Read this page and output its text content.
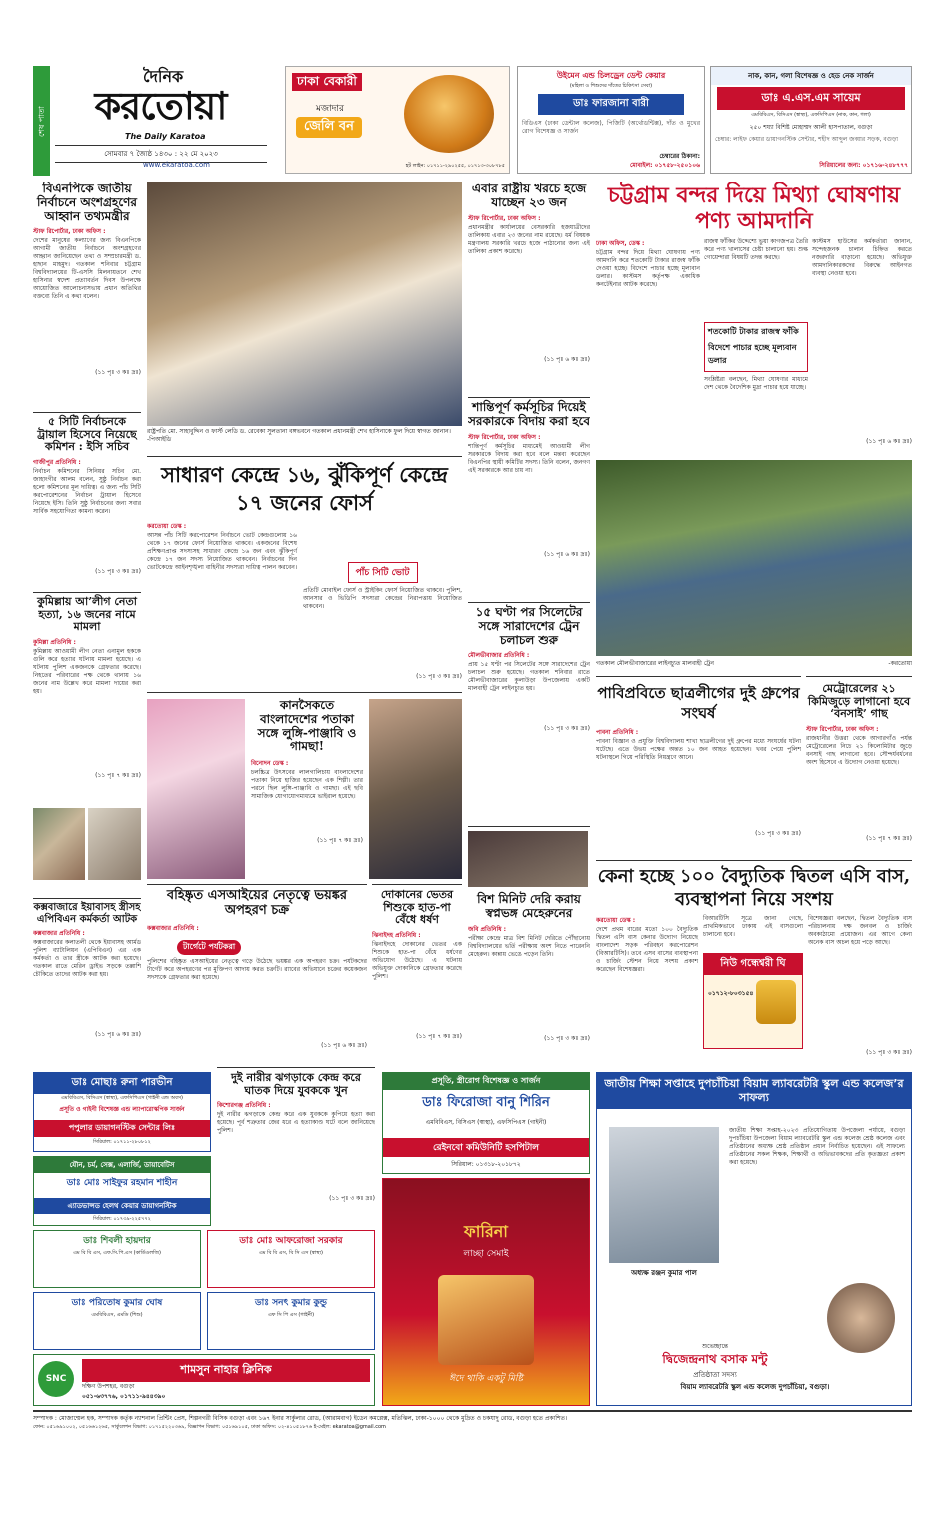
শেষ পাতা
দৈনিক
করতোয়া
The Daily Karatoa
সোমবার ৭ জ্যৈষ্ঠ ১৪৩০ : ২২ মে ২০২৩
www.ekaratoa.com
ঢাকা বেকারী
মজাদার
জেলি বন
হট লাইন: ০১৭১১-২৯০২৫৫, ০১৭১৩-৩০৮৭৮৫
উইমেন এন্ড চিলড্রেন ডেন্ট কেয়ার
(মহিলা ও শিশুদের দাঁতের চিকিৎসা সেবা)
ডাঃ ফারজানা বারী
বিডিএস (ঢাকা ডেন্টাল কলেজ), পিজিটি (অর্থোডন্টিক্স), দাঁত ও মুখের রোগ বিশেষজ্ঞ ও সার্জন
চেম্বারের ঠিকানা:
মোবাইল: ০১৭৫৮-২৫০১০৬
নাক, কান, গলা বিশেষজ্ঞ ও হেড নেক সার্জন
ডাঃ এ.এস.এম সায়েম
এমবিবিএস, বিসিএস (স্বাস্থ্য), এফসিপিএস (নাক, কান, গলা)
২৫০ শয্যা বিশিষ্ট মোহাম্মদ আলী হাসপাতাল, বগুড়া
চেম্বার: লাইফ কেয়ার ডায়াগনস্টিক সেন্টার, শহীদ আব্দুল জব্বার সড়ক, বগুড়া
সিরিয়ালের জন্য: ০১৭১৬-২৪৮৭৭৭
বিএনপিকে জাতীয় নির্বাচনে অংশগ্রহণের আহ্বান তথ্যমন্ত্রীর
স্টাফ রিপোর্টার, ঢাকা অফিস :
দেশের মানুষের কল্যাণের জন্য বিএনপিকে আগামী জাতীয় নির্বাচনে অংশগ্রহণের আহ্বান জানিয়েছেন তথ্য ও সম্প্রচারমন্ত্রী ড. হাছান মাহমুদ। গতকাল শনিবার চট্টগ্রাম বিশ্ববিদ্যালয়ের টি-এসসি মিলনায়তনে শেখ হাসিনার স্বদেশ প্রত্যাবর্তন দিবস উপলক্ষে আয়োজিত আলোচনাসভায় প্রধান অতিথির বক্তব্যে তিনি এ কথা বলেন।
(১১ পৃঃ ৩ কঃ দ্রঃ)
৫ সিটি নির্বাচনকে ট্রায়াল হিসেবে নিয়েছে কমিশন : ইসি সচিব
গাজীপুর প্রতিনিধি :
নির্বাচন কমিশনের সিনিয়র সচিব মো. জাহাংগীর আলম বলেন, সুষ্ঠু নির্বাচন করা হলো কমিশনের মূল দায়িত্ব। এ জন্য পাঁচ সিটি করপোরেশনের নির্বাচন ট্রায়াল হিসেবে নিয়েছে ইসি। তিনি সুষ্ঠু নির্বাচনের জন্য সবার সার্বিক সহযোগিতা কামনা করেন।
(১১ পৃঃ ৩ কঃ দ্রঃ)
কুমিল্লায় আ’লীগ নেতা হত্যা, ১৬ জনের নামে মামলা
কুমিল্লা প্রতিনিধি :
কুমিল্লায় আওয়ামী লীগ নেতা এনামুল হককে গুলি করে হত্যার ঘটনায় মামলা হয়েছে। এ ঘটনায় পুলিশ একজনকে গ্রেফতার করেছে। নিহতের পরিবারের পক্ষ থেকে থানায় ১৬ জনের নাম উল্লেখ করে মামলা দায়ের করা হয়।
(১১ পৃঃ ৭ কঃ দ্রঃ)
কক্সবাজারে ইয়াবাসহ স্ত্রীসহ এপিবিএন কর্মকর্তা আটক
কক্সবাজার প্রতিনিধি :
কক্সবাজারের কলাতলী থেকে ইয়াবাসহ আর্মড পুলিশ ব্যাটালিয়ন (এপিবিএন) এর এক কর্মকর্তা ও তার স্ত্রীকে আটক করা হয়েছে। গতকাল রাতে মেরিন ড্রাইভ সড়কে তল্লাশি চৌকিতে তাদের আটক করা হয়।
(১১ পৃঃ ৬ কঃ দ্রঃ)
রাষ্ট্রপতি মো. সাহাবুদ্দিন ও ফার্স্ট লেডি ড. রেবেকা সুলতানা বঙ্গভবনে গতকাল প্রধানমন্ত্রী শেখ হাসিনাকে ফুল দিয়ে স্বাগত জানান। -পিআইডি
এবার রাষ্ট্রীয় খরচে হজে যাচ্ছেন ২৩ জন
স্টাফ রিপোর্টার, ঢাকা অফিস :
প্রধানমন্ত্রীর কার্যালয়ের বেসরকারি হজযাত্রীদের তালিকায় এবার ২৩ জনের নাম রয়েছে। ধর্ম বিষয়ক মন্ত্রণালয় সরকারি খরচে হজে পাঠানোর জন্য এই তালিকা প্রকাশ করেছে।
(১১ পৃঃ ৬ কঃ দ্রঃ)
শান্তিপূর্ণ কর্মসূচির দিয়েই সরকারকে বিদায় করা হবে
স্টাফ রিপোর্টার, ঢাকা অফিস :
শান্তিপূর্ণ কর্মসূচির মাধ্যমেই আওয়ামী লীগ সরকারকে বিদায় করা হবে বলে মন্তব্য করেছেন বিএনপির স্থায়ী কমিটির সদস্য। তিনি বলেন, জনগণ এই সরকারকে আর চায় না।
(১১ পৃঃ ৬ কঃ দ্রঃ)
১৫ ঘণ্টা পর সিলেটের সঙ্গে সারাদেশের ট্রেন চলাচল শুরু
মৌলভীবাজার প্রতিনিধি :
প্রায় ১৫ ঘণ্টা পর সিলেটের সঙ্গে সারাদেশের ট্রেন চলাচল শুরু হয়েছে। গতকাল শনিবার রাতে মৌলভীবাজারের কুলাউড়া উপজেলায় একটি মালবাহী ট্রেন লাইনচ্যুত হয়।
(১১ পৃঃ ৩ কঃ দ্রঃ)
চট্টগ্রাম বন্দর দিয়ে মিথ্যা ঘোষণায় পণ্য আমদানি
ঢাকা অফিস, ডেস্ক :
চট্টগ্রাম বন্দর দিয়ে মিথ্যা ঘোষণায় পণ্য আমদানি করে শতকোটি টাকার রাজস্ব ফাঁকি দেওয়া হচ্ছে। বিদেশে পাচার হচ্ছে মূল্যবান ডলার। কাস্টমস কর্তৃপক্ষ একাধিক কনটেইনার আটক করেছে।
রাজস্ব ফাঁকির উদ্দেশ্যে ভুয়া কাগজপত্র তৈরি করে পণ্য খালাসের চেষ্টা চালানো হয়। শুল্ক গোয়েন্দারা বিষয়টি তদন্ত করছে।
শতকোটি টাকার রাজস্ব ফাঁকি
বিদেশে পাচার হচ্ছে মূল্যবান ডলার
সংশ্লিষ্টরা বলছেন, মিথ্যা ঘোষণার মাধ্যমে দেশ থেকে বৈদেশিক মুদ্রা পাচার হয়ে যাচ্ছে।
কাস্টমস হাউসের কর্মকর্তারা জানান, সন্দেহজনক চালান চিহ্নিত করতে নজরদারি বাড়ানো হয়েছে। অভিযুক্ত আমদানিকারকদের বিরুদ্ধে আইনগত ব্যবস্থা নেওয়া হবে।
(১১ পৃঃ ৬ কঃ দ্রঃ)
সাধারণ কেন্দ্রে ১৬, ঝুঁকিপূর্ণ কেন্দ্রে ১৭ জনের ফোর্স
করতোয়া ডেস্ক :
আসন্ন পাঁচ সিটি করপোরেশন নির্বাচনে ভোট কেন্দ্রগুলোয় ১৬ থেকে ১৭ জনের ফোর্স নিয়োজিত থাকবে। একজনের বিশেষ প্রশিক্ষণপ্রাপ্ত সদস্যসহ সাধারণ কেন্দ্রে ১৬ জন এবং ঝুঁকিপূর্ণ কেন্দ্রে ১৭ জন সদস্য নিয়োজিত থাকবেন। নির্বাচনের দিন ভোটকেন্দ্রে আইনশৃঙ্খলা বাহিনীর সদস্যরা দায়িত্ব পালন করবেন।
পাঁচ সিটি ভোট
প্রতিটি মোবাইল ফোর্স ও স্ট্রাইকিং ফোর্স নিয়োজিত থাকবে। পুলিশ, আনসার ও ভিডিপি সদস্যরা কেন্দ্রের নিরাপত্তায় নিয়োজিত থাকবেন।
(১১ পৃঃ ৩ কঃ দ্রঃ)
গতকাল মৌলভীবাজারের লাইনচ্যুত মালবাহী ট্রেন	-করতোয়া
কানসৈকতে বাংলাদেশের পতাকা সঙ্গে লুঙ্গি-পাঞ্জাবি ও গামছা!
বিনোদন ডেস্ক :
চলচ্চিত্র উৎসবের লালগালিচায় বাংলাদেশের পতাকা নিয়ে হাজির হয়েছেন এক শিল্পী। তার পরনে ছিল লুঙ্গি-পাঞ্জাবি ও গামছা। এই ছবি সামাজিক যোগাযোগমাধ্যমে ভাইরাল হয়েছে।
(১১ পৃঃ ৭ কঃ দ্রঃ)
পাবিপ্রবিতে ছাত্রলীগের দুই গ্রুপের সংঘর্ষ
পাবনা প্রতিনিধি :
পাবনা বিজ্ঞান ও প্রযুক্তি বিশ্ববিদ্যালয় শাখা ছাত্রলীগের দুই গ্রুপের মধ্যে সংঘর্ষের ঘটনা ঘটেছে। এতে উভয় পক্ষের অন্তত ১০ জন আহত হয়েছেন। খবর পেয়ে পুলিশ ঘটনাস্থলে গিয়ে পরিস্থিতি নিয়ন্ত্রণে আনে।
(১১ পৃঃ ৩ কঃ দ্রঃ)
মেট্রোরেলের ২১ কিমিজুড়ে লাগানো হবে ‘বনসাই’ গাছ
স্টাফ রিপোর্টার, ঢাকা অফিস :
রাজধানীর উত্তরা থেকে আগারগাঁও পর্যন্ত মেট্রোরেলের নিচে ২১ কিলোমিটার জুড়ে বনসাই গাছ লাগানো হবে। সৌন্দর্যবর্ধনের অংশ হিসেবে এ উদ্যোগ নেওয়া হয়েছে।
(১১ পৃঃ ৭ কঃ দ্রঃ)
বিশ মিনিট দেরি করায় স্বপ্নভঙ্গ মেহেরুনের
জবি প্রতিনিধি :
পরীক্ষা কেন্দ্রে মাত্র বিশ মিনিট দেরিতে পৌঁছানোয় বিশ্ববিদ্যালয়ের ভর্তি পরীক্ষায় অংশ নিতে পারেননি মেহেরুন। কান্নায় ভেঙে পড়েন তিনি।
(১১ পৃঃ ৩ কঃ দ্রঃ)
বহিষ্কৃত এসআইয়ের নেতৃত্বে ভয়ঙ্কর অপহরণ চক্র
কক্সবাজার প্রতিনিধি :
টার্গেটে পর্যটকরা
পুলিশের বহিষ্কৃত এসআইয়ের নেতৃত্বে গড়ে উঠেছে ভয়ঙ্কর এক অপহরণ চক্র। পর্যটকদের টার্গেট করে অপহরণের পর মুক্তিপণ আদায় করত চক্রটি। র‌্যাবের অভিযানে চক্রের কয়েকজন সদস্যকে গ্রেফতার করা হয়েছে।
(১১ পৃঃ ৬ কঃ দ্রঃ)
দোকানের ভেতর শিশুকে হাত-পা বেঁধে ধর্ষণ
ঝিনাইদহ প্রতিনিধি :
ঝিনাইদহে দোকানের ভেতর এক শিশুকে হাত-পা বেঁধে ধর্ষণের অভিযোগ উঠেছে। এ ঘটনায় অভিযুক্ত দোকানিকে গ্রেফতার করেছে পুলিশ।
(১১ পৃঃ ৭ কঃ দ্রঃ)
কেনা হচ্ছে ১০০ বৈদ্যুতিক দ্বিতল এসি বাস, ব্যবস্থাপনা নিয়ে সংশয়
করতোয়া ডেস্ক :
দেশে প্রথম বারের মতো ১০০ বৈদ্যুতিক দ্বিতল এসি বাস কেনার উদ্যোগ নিয়েছে বাংলাদেশ সড়ক পরিবহন করপোরেশন (বিআরটিসি)। তবে এসব বাসের ব্যবস্থাপনা ও চার্জিং স্টেশন নিয়ে সংশয় প্রকাশ করেছেন বিশেষজ্ঞরা।
বিআরটিসি সূত্রে জানা গেছে, প্রাথমিকভাবে ঢাকায় এই বাসগুলো চালানো হবে।
নিউ গন্ধেশ্বরী ঘি
০১৭১২-৮০৩১৫৪
বিশেষজ্ঞরা বলছেন, দ্বিতল বৈদ্যুতিক বাস পরিচালনায় দক্ষ জনবল ও চার্জিং অবকাঠামো প্রয়োজন। এর আগে কেনা অনেক বাস অচল হয়ে পড়ে আছে।
(১১ পৃঃ ৩ কঃ দ্রঃ)
দুই নারীর ঝগড়াকে কেন্দ্র করে ঘাতক দিয়ে যুবককে খুন
কিশোরগঞ্জ প্রতিনিধি :
দুই নারীর ঝগড়াকে কেন্দ্র করে এক যুবককে কুপিয়ে হত্যা করা হয়েছে। পূর্ব শত্রুতার জের ধরে এ হত্যাকাণ্ড ঘটে বলে জানিয়েছে পুলিশ।
(১১ পৃঃ ৩ কঃ দ্রঃ)
ডাঃ মোছাঃ রুনা পারভীন
এমবিবিএস, বিসিএস (স্বাস্থ্য), এফসিপিএস (গাইনী এন্ড অবস)
প্রসূতি ও গাইনী বিশেষজ্ঞ এন্ড ল্যাপারোস্কপিক সার্জন
পপুলার ডায়াগনস্টিক সেন্টার লিঃ
সিরিয়াল: ০১৭১১-২৮০৮১২
যৌন, চর্ম, সেক্স, এলার্জি, ডায়াবেটিস
ডাঃ মোঃ সাইফুর রহমান শাহীন
এ্যাডভান্সড হেলথ কেয়ার ডায়াগনস্টিক
সিরিয়াল: ০১৭৩৯-২২৫৭৭২
ডাঃ শিবলী হায়দার
এম বি বি এস, এফ.সি.পি.এস (কার্ডিওলজি)
ডাঃ মোঃ আফরোজা সরকার
এম বি বি এস, বি সি এস (স্বাস্থ্য)
ডাঃ পরিতোষ কুমার ঘোষ
এমবিবিএস, এমডি (শিশু)
ডাঃ সনৎ কুমার কুন্ডু
এফ সি পি এস (গাইনী)
SNC
শামসুন নাহার ক্লিনিক
দক্ষিণ উপশহর, বগুড়া
০৫১-৬৩৭৭৬, ০১৭১১-৯৪৪৩৯০
প্রসূতি, স্ত্রীরোগ বিশেষজ্ঞ ও সার্জন
ডাঃ ফিরোজা বানু শিরিন
এমবিবিএস, বিসিএস (স্বাস্থ্য), এফসিপিএস (গাইনী)
রেইনবো কমিউনিটি হসপিটাল
সিরিয়াল: ০১৩১৮-২০১৮৭২
ফারিনা
লাচ্ছা সেমাই
ঈদে থাকি একটু মিষ্টি
জাতীয় শিক্ষা সপ্তাহে দুপচাঁচিয়া বিয়াম ল্যাবরেটরি স্কুল এন্ড কলেজ’র সাফল্য
অধ্যক্ষ রঞ্জন কুমার পাল
জাতীয় শিক্ষা সপ্তাহ-২০২৩ প্রতিযোগিতায় উপজেলা পর্যায়ে, বগুড়া দুপচাঁচিয়া উপজেলা বিয়াম ল্যাবরেটরি স্কুল এন্ড কলেজ শ্রেষ্ঠ কলেজ এবং প্রতিষ্ঠানের অধ্যক্ষ শ্রেষ্ঠ প্রতিষ্ঠান প্রধান নির্বাচিত হয়েছেন। এই সাফল্যে প্রতিষ্ঠানের সকল শিক্ষক, শিক্ষার্থী ও অভিভাবকদের প্রতি কৃতজ্ঞতা প্রকাশ করা হয়েছে।
শুভেচ্ছান্তে
দ্বিজেন্দ্রনাথ বসাক মন্টু
প্রতিষ্ঠাতা সদস্য
বিয়াম ল্যাবরেটরি স্কুল এন্ড কলেজ দুপচাঁচিয়া, বগুড়া।
সম্পাদক : মোজাম্মেল হক, সম্পাদক কর্তৃক ন্যাশনাল প্রিন্টিং প্রেস, শিল্পনগরী বিসিক বগুড়া এবং ১৬৭ ইনার সার্কুলার রোড, (আরামবাগ) ইডেন কমপ্লেক্স, মতিঝিল, ঢাকা-১০০০ থেকে মুদ্রিত ও চকযাদু রোড, বগুড়া হতে প্রকাশিত।
ফোন: ০৫১৬৯১০০২, ০৫১৬৬১২৬৫, সার্কুলেশন বিভাগ: ০১৭১৫২২০৩৬৯, বিজ্ঞাপন বিভাগ: ০৫১৬৯১০৫, ঢাকা অফিস: ০২-৪১০৫১৮৭৬ ই-মেইল: ekaratoa@gmail.com
